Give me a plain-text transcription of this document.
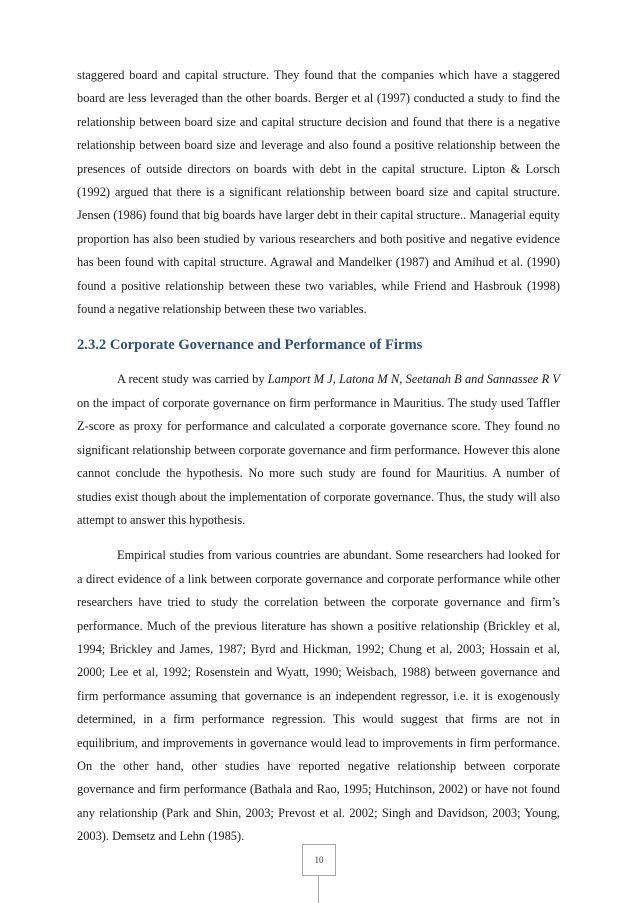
staggered board and capital structure. They found that the companies which have a staggered board are less leveraged than the other boards. Berger et al (1997) conducted a study to find the relationship between board size and capital structure decision and found that there is a negative relationship between board size and leverage and also found a positive relationship between the presences of outside directors on boards with debt in the capital structure. Lipton & Lorsch (1992) argued that there is a significant relationship between board size and capital structure. Jensen (1986) found that big boards have larger debt in their capital structure.. Managerial equity proportion has also been studied by various researchers and both positive and negative evidence has been found with capital structure. Agrawal and Mandelker (1987) and Amihud et al. (1990) found a positive relationship between these two variables, while Friend and Hasbrouk (1998) found a negative relationship between these two variables.

2.3.2 Corporate Governance and Performance of Firms

A recent study was carried by Lamport M J, Latona M N, Seetanah B and Sannassee R V on the impact of corporate governance on firm performance in Mauritius. The study used Taffler Z-score as proxy for performance and calculated a corporate governance score. They found no significant relationship between corporate governance and firm performance. However this alone cannot conclude the hypothesis. No more such study are found for Mauritius. A number of studies exist though about the implementation of corporate governance. Thus, the study will also attempt to answer this hypothesis.

Empirical studies from various countries are abundant. Some researchers had looked for a direct evidence of a link between corporate governance and corporate performance while other researchers have tried to study the correlation between the corporate governance and firm’s performance. Much of the previous literature has shown a positive relationship (Brickley et al, 1994; Brickley and James, 1987; Byrd and Hickman, 1992; Chung et al, 2003; Hossain et al, 2000; Lee et al, 1992; Rosenstein and Wyatt, 1990; Weisbach, 1988) between governance and firm performance assuming that governance is an independent regressor, i.e. it is exogenously determined, in a firm performance regression. This would suggest that firms are not in equilibrium, and improvements in governance would lead to improvements in firm performance. On the other hand, other studies have reported negative relationship between corporate governance and firm performance (Bathala and Rao, 1995; Hutchinson, 2002) or have not found any relationship (Park and Shin, 2003; Prevost et al. 2002; Singh and Davidson, 2003; Young, 2003). Demsetz and Lehn (1985).

10
